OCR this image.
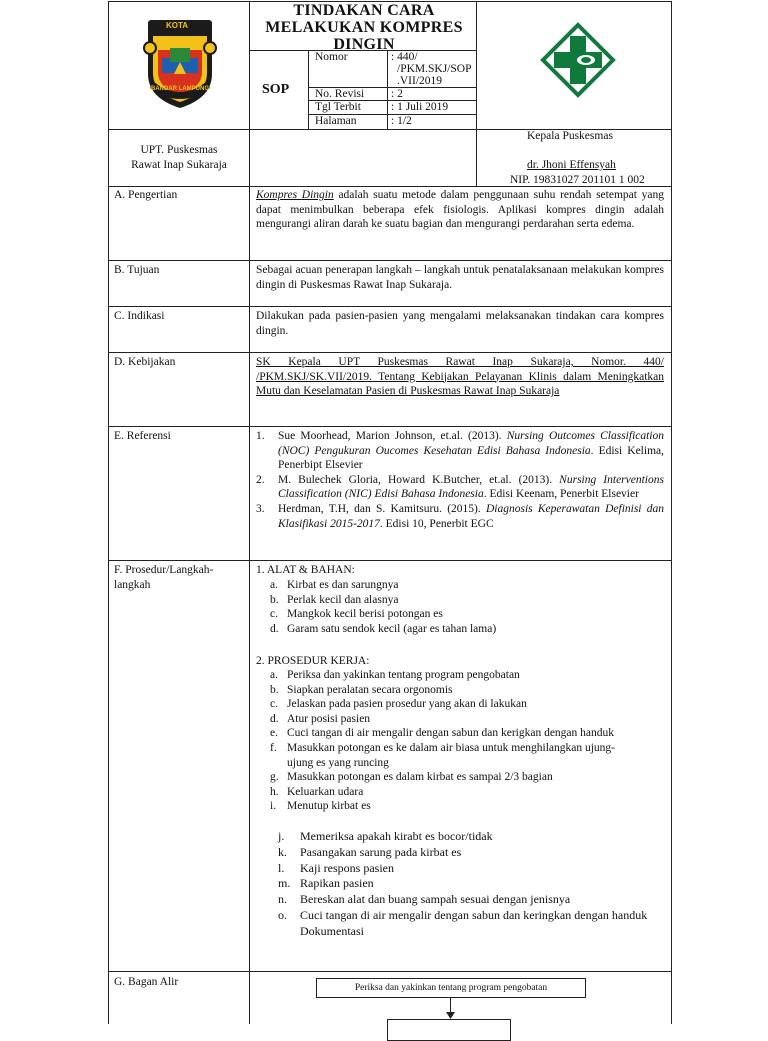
KOTA
BANDAR LAMPUNG
TINDAKAN CARA
MELAKUKAN KOMPRES
DINGIN
SOP
Nomor	: 440/
/PKM.SKJ/SOP
.VII/2019
No. Revisi : 2
Tgl Terbit	: 1 Juli 2019
Halaman	: 1/2
UPT. Puskesmas
Rawat Inap Sukaraja
Kepala Puskesmas
dr. Jhoni Effensyah
NIP. 19831027 201101 1 002
A. Pengertian	Kompres Dingin adalah suatu metode dalam penggunaan suhu rendah setempat yang dapat menimbulkan beberapa efek fisiologis. Aplikasi kompres dingin adalah mengurangi aliran darah ke suatu bagian dan mengurangi perdarahan serta edema.
B. Tujuan	Sebagai acuan penerapan langkah – langkah untuk penatalaksanaan melakukan kompres dingin di Puskesmas Rawat Inap Sukaraja.
C. Indikasi	Dilakukan pada pasien-pasien yang mengalami melaksanakan tindakan cara kompres dingin.
D. Kebijakan	SK Kepala UPT Puskesmas Rawat Inap Sukaraja, Nomor. 440/ /PKM.SKJ/SK.VII/2019. Tentang Kebijakan Pelayanan Klinis dalam Meningkatkan Mutu dan Keselamatan Pasien di Puskesmas Rawat Inap Sukaraja
E. Referensi	1. Sue Moorhead, Marion Johnson, et.al. (2013). Nursing Outcomes Classification (NOC) Pengukuran Oucomes Kesehatan Edisi Bahasa Indonesia. Edisi Kelima, Penerbipt Elsevier
2. M. Bulechek Gloria, Howard K.Butcher, et.al. (2013). Nursing Interventions Classification (NIC) Edisi Bahasa Indonesia. Edisi Keenam, Penerbit Elsevier
3. Herdman, T.H, dan S. Kamitsuru. (2015). Diagnosis Keperawatan Definisi dan Klasifikasi 2015-2017. Edisi 10, Penerbit EGC
F. Prosedur/Langkah-
langkah
1. ALAT & BAHAN:
a. Kirbat es dan sarungnya
b. Perlak kecil dan alasnya
c. Mangkok kecil berisi potongan es
d. Garam satu sendok kecil (agar es tahan lama)
2. PROSEDUR KERJA:
a. Periksa dan yakinkan tentang program pengobatan
b. Siapkan peralatan secara orgonomis
c. Jelaskan pada pasien prosedur yang akan di lakukan
d. Atur posisi pasien
e. Cuci tangan di air mengalir dengan sabun dan kerigkan dengan handuk
f. Masukkan potongan es ke dalam air biasa untuk menghilangkan ujung-ujung es yang runcing
g. Masukkan potongan es dalam kirbat es sampai 2/3 bagian
h. Keluarkan udara
i. Menutup kirbat es
j. Memeriksa apakah kirabt es bocor/tidak
k. Pasangakan sarung pada kirbat es
l. Kaji respons pasien
m. Rapikan pasien
n. Bereskan alat dan buang sampah sesuai dengan jenisnya
o. Cuci tangan di air mengalir dengan sabun dan keringkan dengan handuk
Dokumentasi
G. Bagan Alir	Periksa dan yakinkan tentang program pengobatan
